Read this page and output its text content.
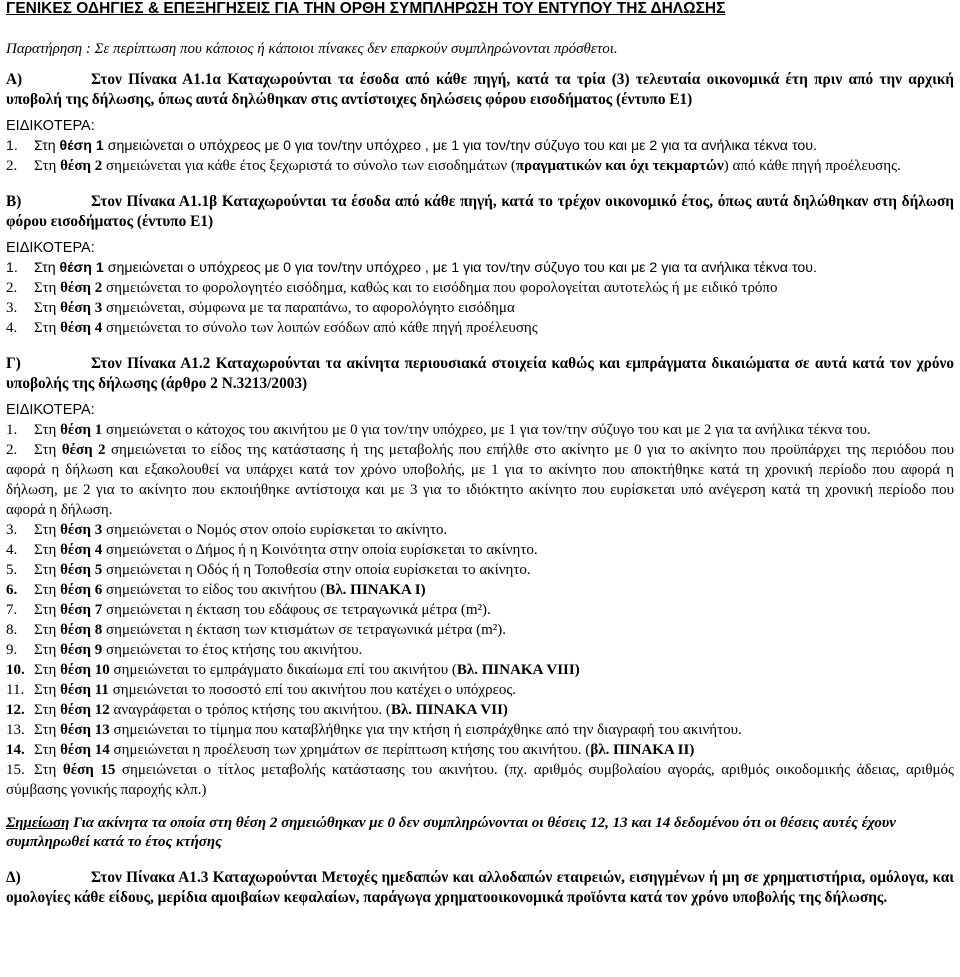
ΓΕΝΙΚΕΣ ΟΔΗΓΙΕΣ & ΕΠΕΞΗΓΗΣΕΙΣ ΓΙΑ ΤΗΝ ΟΡΘΗ ΣΥΜΠΛΗΡΩΣΗ ΤΟΥ ΕΝΤΥΠΟΥ ΤΗΣ ΔΗΛΩΣΗΣ
Παρατήρηση : Σε περίπτωση που κάποιος ή κάποιοι πίνακες δεν επαρκούν συμπληρώνονται πρόσθετοι.
Α)	Στον Πίνακα Α1.1α Καταχωρούνται τα έσοδα από κάθε πηγή, κατά τα τρία (3) τελευταία οικονομικά έτη πριν από την αρχική υποβολή της δήλωσης, όπως αυτά δηλώθηκαν στις αντίστοιχες δηλώσεις φόρου εισοδήματος (έντυπο Ε1)
ΕΙΔΙΚΟΤΕΡΑ:
1. Στη θέση 1 σημειώνεται ο υπόχρεος με 0 για τον/την υπόχρεο , με 1 για τον/την σύζυγο του και με 2 για τα ανήλικα τέκνα του.
2. Στη θέση 2 σημειώνεται για κάθε έτος ξεχωριστά το σύνολο των εισοδημάτων (πραγματικών και όχι τεκμαρτών) από κάθε πηγή προέλευσης.
Β)	Στον Πίνακα Α1.1β Καταχωρούνται τα έσοδα από κάθε πηγή, κατά το τρέχον οικονομικό έτος, όπως αυτά δηλώθηκαν στη δήλωση φόρου εισοδήματος (έντυπο Ε1)
ΕΙΔΙΚΟΤΕΡΑ:
1. Στη θέση 1 σημειώνεται ο υπόχρεος με 0 για τον/την υπόχρεο , με 1 για τον/την σύζυγο του και με 2 για τα ανήλικα τέκνα του.
2. Στη θέση 2 σημειώνεται το φορολογητέο εισόδημα, καθώς και το εισόδημα που φορολογείται αυτοτελώς ή με ειδικό τρόπο
3. Στη θέση 3 σημειώνεται, σύμφωνα με τα παραπάνω, το αφορολόγητο εισόδημα
4. Στη θέση 4 σημειώνεται το σύνολο των λοιπών εσόδων από κάθε πηγή προέλευσης
Γ)	Στον Πίνακα Α1.2 Καταχωρούνται τα ακίνητα περιουσιακά στοιχεία καθώς και εμπράγματα δικαιώματα σε αυτά κατά τον χρόνο υποβολής της δήλωσης (άρθρο 2 Ν.3213/2003)
ΕΙΔΙΚΟΤΕΡΑ:
1. Στη θέση 1 σημειώνεται ο κάτοχος του ακινήτου με 0 για τον/την υπόχρεο, με 1 για τον/την σύζυγο του και με 2 για τα ανήλικα τέκνα του.
2. Στη θέση 2 σημειώνεται το είδος της κατάστασης ή της μεταβολής που επήλθε στο ακίνητο με 0 για το ακίνητο που προϋπάρχει της περιόδου που αφορά η δήλωση και εξακολουθεί να υπάρχει κατά τον χρόνο υποβολής, με 1 για το ακίνητο που αποκτήθηκε κατά τη χρονική περίοδο που αφορά η δήλωση, με 2 για το ακίνητο που εκποιήθηκε αντίστοιχα και με 3 για το ιδιόκτητο ακίνητο που ευρίσκεται υπό ανέγερση κατά τη χρονική περίοδο που αφορά η δήλωση.
3. Στη θέση 3 σημειώνεται ο Νομός στον οποίο ευρίσκεται το ακίνητο.
4. Στη θέση 4 σημειώνεται ο Δήμος ή η Κοινότητα στην οποία ευρίσκεται το ακίνητο.
5. Στη θέση 5 σημειώνεται η Οδός ή η Τοποθεσία στην οποία ευρίσκεται το ακίνητο.
6. Στη θέση 6 σημειώνεται το είδος του ακινήτου (Βλ. ΠΙΝΑΚΑ Ι)
7. Στη θέση 7 σημειώνεται η έκταση του εδάφους σε τετραγωνικά μέτρα (m²).
8. Στη θέση 8 σημειώνεται η έκταση των κτισμάτων σε τετραγωνικά μέτρα (m²).
9. Στη θέση 9 σημειώνεται το έτος κτήσης του ακινήτου.
10. Στη θέση 10 σημειώνεται το εμπράγματο δικαίωμα επί του ακινήτου (Βλ. ΠΙΝΑΚΑ VIII)
11. Στη θέση 11 σημειώνεται το ποσοστό επί του ακινήτου που κατέχει ο υπόχρεος.
12. Στη θέση 12 αναγράφεται ο τρόπος κτήσης του ακινήτου. (Βλ. ΠΙΝΑΚΑ VII)
13. Στη θέση 13 σημειώνεται το τίμημα που καταβλήθηκε για την κτήση ή εισπράχθηκε από την διαγραφή του ακινήτου.
14. Στη θέση 14 σημειώνεται η προέλευση των χρημάτων σε περίπτωση κτήσης του ακινήτου. (βλ. ΠΙΝΑΚΑ ΙΙ)
15. Στη θέση 15 σημειώνεται ο τίτλος μεταβολής κατάστασης του ακινήτου. (πχ. αριθμός συμβολαίου αγοράς, αριθμός οικοδομικής άδειας, αριθμός σύμβασης γονικής παροχής κλπ.)
Σημείωση Για ακίνητα τα οποία στη θέση 2 σημειώθηκαν με 0 δεν συμπληρώνονται οι θέσεις 12, 13 και 14 δεδομένου ότι οι θέσεις αυτές έχουν συμπληρωθεί κατά το έτος κτήσης
Δ)	Στον Πίνακα Α1.3 Καταχωρούνται Μετοχές ημεδαπών και αλλοδαπών εταιρειών, εισηγμένων ή μη σε χρηματιστήρια, ομόλογα, και ομολογίες κάθε είδους, μερίδια αμοιβαίων κεφαλαίων, παράγωγα χρηματοοικονομικά προϊόντα κατά τον χρόνο υποβολής της δήλωσης.
